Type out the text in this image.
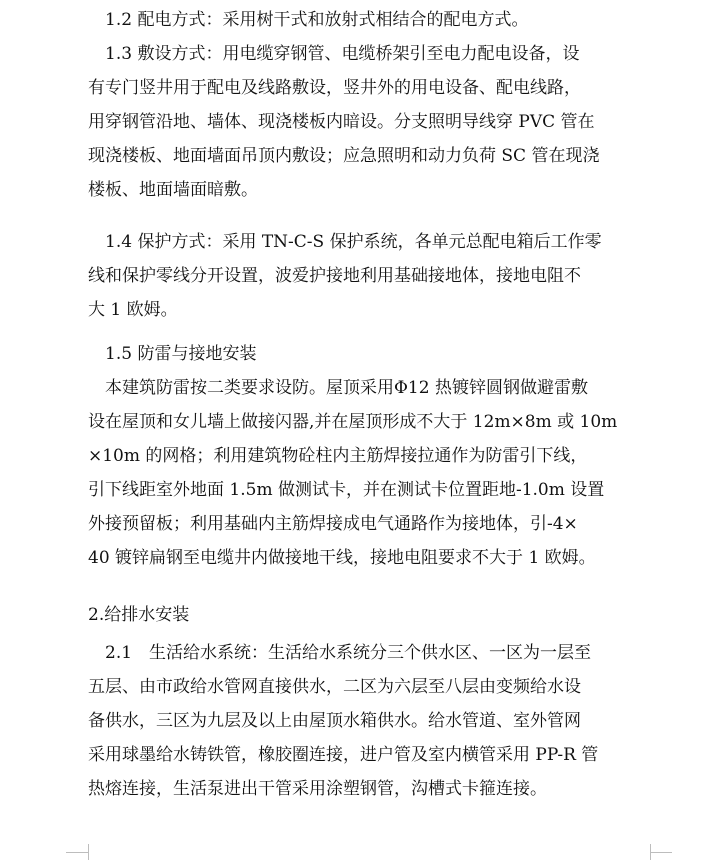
1.2 配电方式：采用树干式和放射式相结合的配电方式。
1.3 敷设方式：用电缆穿钢管、电缆桥架引至电力配电设备，设
有专门竖井用于配电及线路敷设，竖井外的用电设备、配电线路，
用穿钢管沿地、墙体、现浇楼板内暗设。分支照明导线穿 PVC 管在
现浇楼板、地面墙面吊顶内敷设；应急照明和动力负荷 SC 管在现浇
楼板、地面墙面暗敷。
1.4 保护方式：采用 TN-C-S 保护系统，各单元总配电箱后工作零
线和保护零线分开设置，波爱护接地利用基础接地体，接地电阻不
大 1 欧姆。
1.5 防雷与接地安装
本建筑防雷按二类要求设防。屋顶采用Φ12 热镀锌圆钢做避雷敷
设在屋顶和女儿墙上做接闪器,并在屋顶形成不大于 12m×8m 或 10m
×10m 的网格；利用建筑物砼柱内主筋焊接拉通作为防雷引下线，
引下线距室外地面 1.5m 做测试卡，并在测试卡位置距地-1.0m 设置
外接预留板；利用基础内主筋焊接成电气通路作为接地体，引-4×
40 镀锌扁钢至电缆井内做接地干线，接地电阻要求不大于 1 欧姆。
2.给排水安装
2.1　生活给水系统：生活给水系统分三个供水区、一区为一层至
五层、由市政给水管网直接供水，二区为六层至八层由变频给水设
备供水，三区为九层及以上由屋顶水箱供水。给水管道、室外管网
采用球墨给水铸铁管，橡胶圈连接，进户管及室内横管采用 PP-R 管
热熔连接，生活泵进出干管采用涂塑钢管，沟槽式卡箍连接。
